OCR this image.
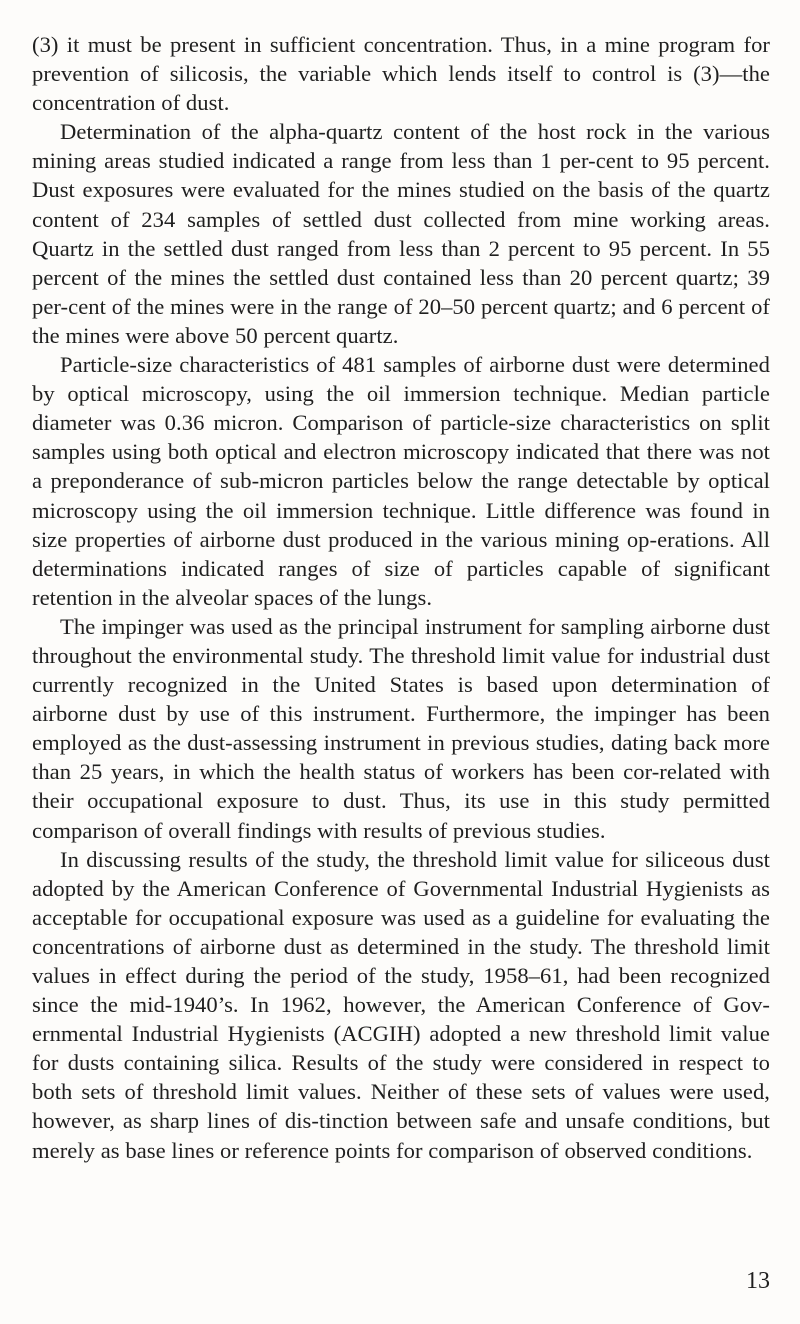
(3) it must be present in sufficient concentration. Thus, in a mine program for prevention of silicosis, the variable which lends itself to control is (3)—the concentration of dust.

Determination of the alpha-quartz content of the host rock in the various mining areas studied indicated a range from less than 1 per-cent to 95 percent. Dust exposures were evaluated for the mines studied on the basis of the quartz content of 234 samples of settled dust collected from mine working areas. Quartz in the settled dust ranged from less than 2 percent to 95 percent. In 55 percent of the mines the settled dust contained less than 20 percent quartz; 39 per-cent of the mines were in the range of 20–50 percent quartz; and 6 percent of the mines were above 50 percent quartz.

Particle-size characteristics of 481 samples of airborne dust were determined by optical microscopy, using the oil immersion technique. Median particle diameter was 0.36 micron. Comparison of particle-size characteristics on split samples using both optical and electron microscopy indicated that there was not a preponderance of sub-micron particles below the range detectable by optical microscopy using the oil immersion technique. Little difference was found in size properties of airborne dust produced in the various mining op-erations. All determinations indicated ranges of size of particles capable of significant retention in the alveolar spaces of the lungs.

The impinger was used as the principal instrument for sampling airborne dust throughout the environmental study. The threshold limit value for industrial dust currently recognized in the United States is based upon determination of airborne dust by use of this instrument. Furthermore, the impinger has been employed as the dust-assessing instrument in previous studies, dating back more than 25 years, in which the health status of workers has been cor-related with their occupational exposure to dust. Thus, its use in this study permitted comparison of overall findings with results of previous studies.

In discussing results of the study, the threshold limit value for siliceous dust adopted by the American Conference of Governmental Industrial Hygienists as acceptable for occupational exposure was used as a guideline for evaluating the concentrations of airborne dust as determined in the study. The threshold limit values in effect during the period of the study, 1958–61, had been recognized since the mid-1940’s. In 1962, however, the American Conference of Gov-ernmental Industrial Hygienists (ACGIH) adopted a new threshold limit value for dusts containing silica. Results of the study were considered in respect to both sets of threshold limit values. Neither of these sets of values were used, however, as sharp lines of dis-tinction between safe and unsafe conditions, but merely as base lines or reference points for comparison of observed conditions.

13
